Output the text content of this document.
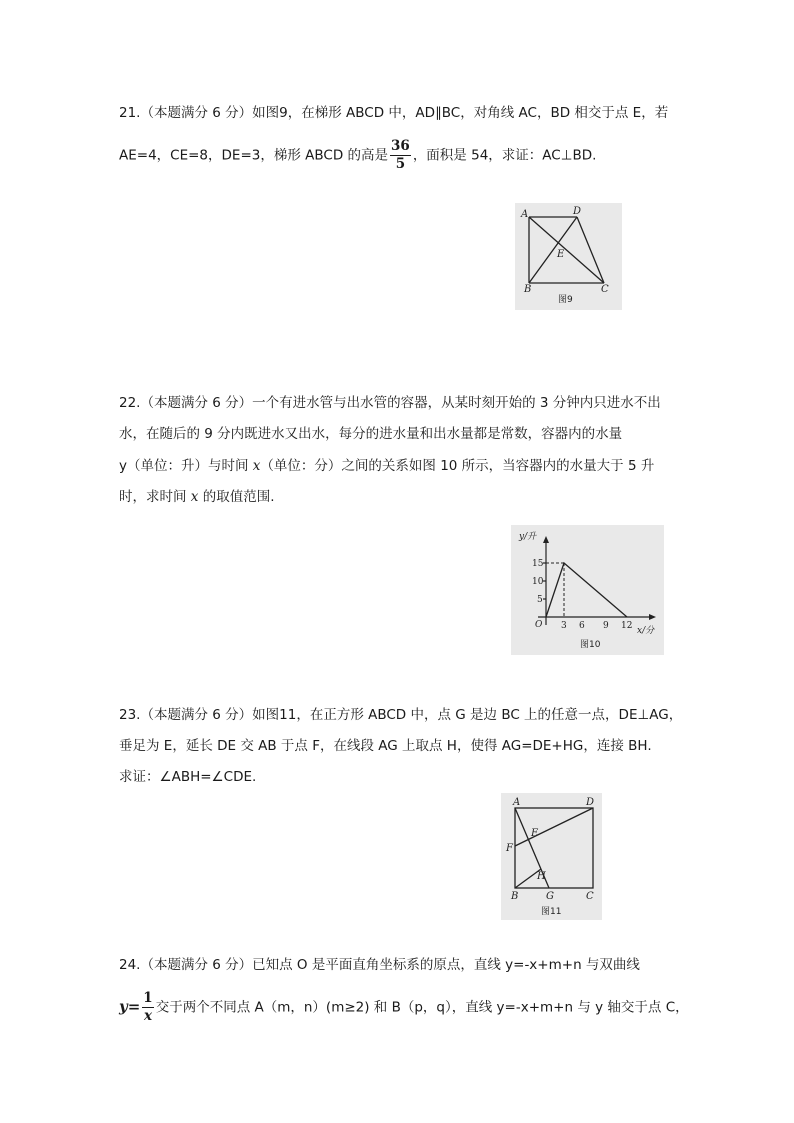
21.（本题满分 6 分）如图9，在梯形 ABCD 中，AD∥BC，对角线 AC，BD 相交于点 E，若
AE=4，CE=8，DE=3，梯形 ABCD 的高是 $\frac{36}{5}$ ，面积是 54，求证：AC⊥BD.
A	D
E
B	C
图9
22.（本题满分 6 分）一个有进水管与出水管的容器，从某时刻开始的 3 分钟内只进水不出
水，在随后的 9 分内既进水又出水，每分的进水量和出水量都是常数，容器内的水量
y（单位：升）与时间 x（单位：分）之间的关系如图 10 所示，当容器内的水量大于 5 升
时，求时间 x 的取值范围.
y/升
x/分
O
5
10
15
3 6 9 12
图10
23.（本题满分 6 分）如图11，在正方形 ABCD 中，点 G 是边 BC 上的任意一点，DE⊥AG，
垂足为 E，延长 DE 交 AB 于点 F，在线段 AG 上取点 H，使得 AG=DE+HG，连接 BH.
求证：∠ABH=∠CDE.
A	D
E
F
H
B	G	C
图11
24.（本题满分 6 分）已知点 O 是平面直角坐标系的原点，直线 y=-x+m+n 与双曲线
$y= \frac{1}{x}$ 交于两个不同点 A（m，n）(m≥2) 和 B（p，q），直线 y=-x+m+n 与 y 轴交于点 C，
